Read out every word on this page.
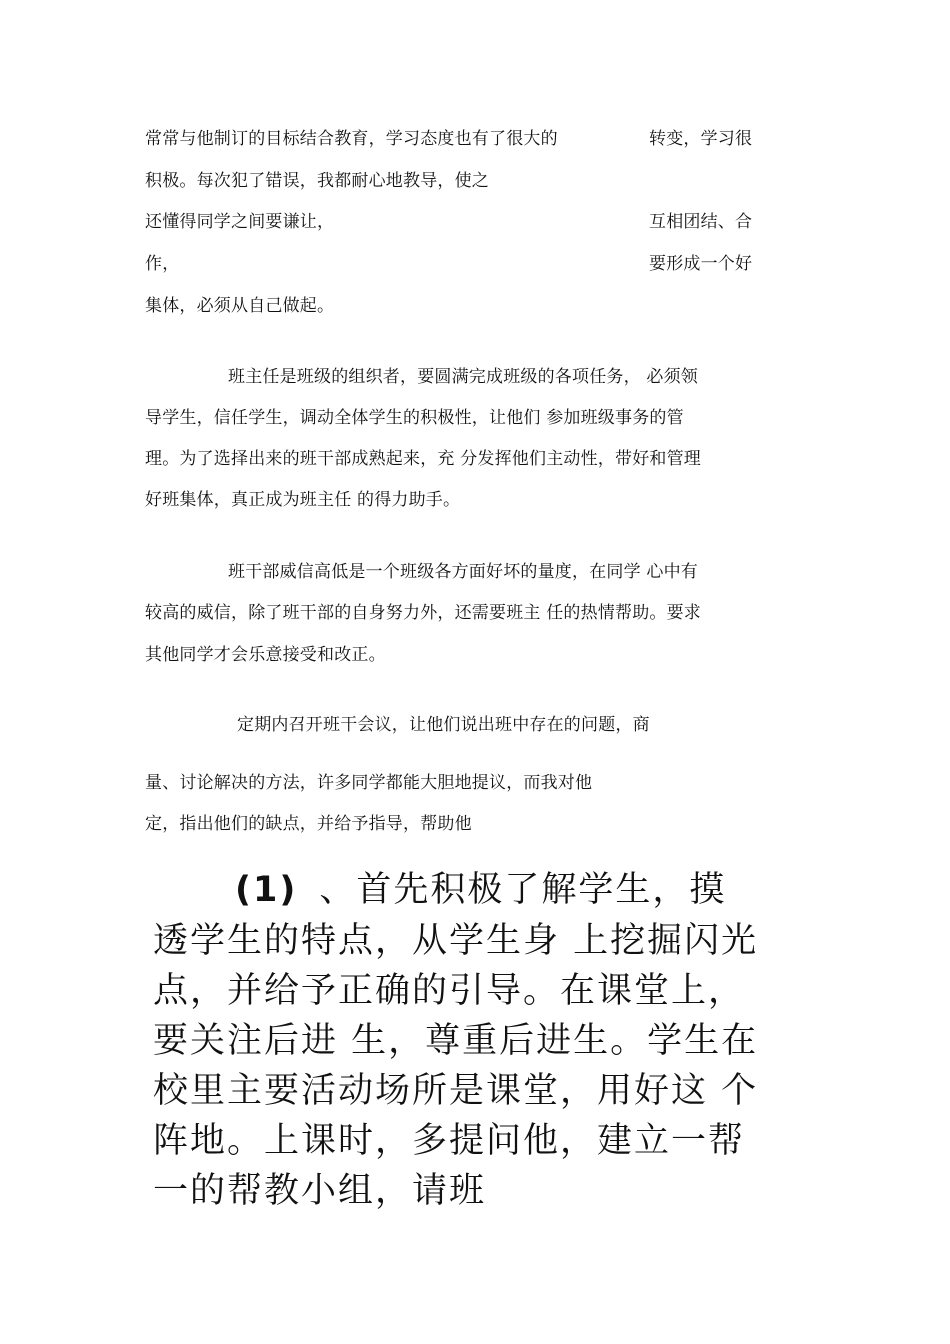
常常与他制订的目标结合教育，学习态度也有了很大的	转变，学习很
积极。每次犯了错误，我都耐心地教导，使之
还懂得同学之间要谦让，	互相团结、合
作，	要形成一个好
集体，必须从自己做起。
班主任是班级的组织者，要圆满完成班级的各项任务， 必须领
导学生，信任学生，调动全体学生的积极性，让他们 参加班级事务的管
理。为了选择出来的班干部成熟起来，充 分发挥他们主动性，带好和管理
好班集体，真正成为班主任 的得力助手。
班干部威信高低是一个班级各方面好坏的量度，在同学 心中有
较高的威信，除了班干部的自身努力外，还需要班主 任的热情帮助。要求
其他同学才会乐意接受和改正。
定期内召开班干会议，让他们说出班中存在的问题，商
量、讨论解决的方法，许多同学都能大胆地提议，而我对他
定，指出他们的缺点，并给予指导，帮助他
(1) 、首先积极了解学生，摸
透学生的特点，从学生身 上挖掘闪光
点，并给予正确的引导。在课堂上，
要关注后进 生，尊重后进生。学生在
校里主要活动场所是课堂，用好这 个
阵地。上课时，多提问他，建立一帮
一的帮教小组，请班
